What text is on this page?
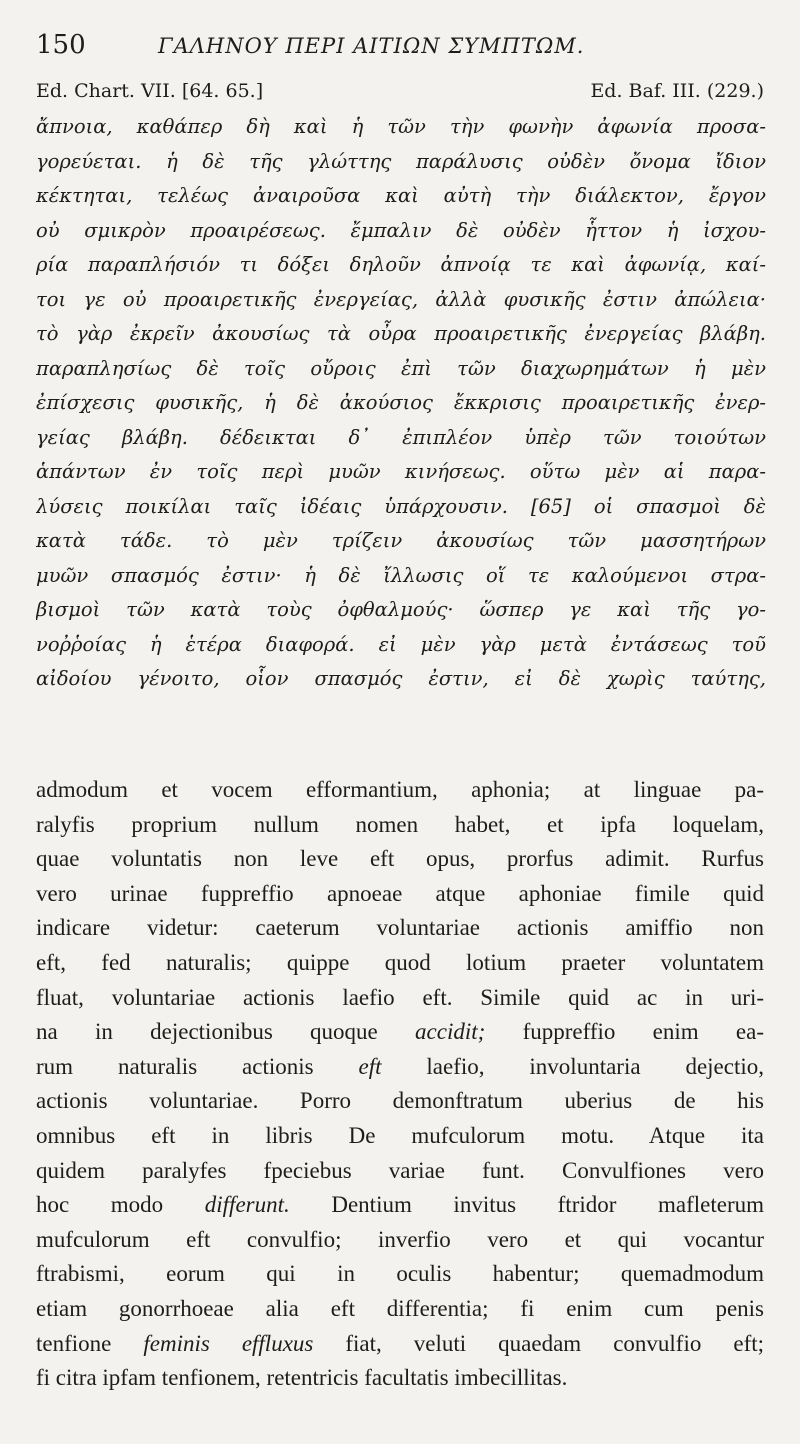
150	ΓΑΛΗΝΟΥ ΠΕΡΙ ΑΙΤΙΩΝ ΣΥΜΠΤΩΜ.
Ed. Chart. VII. [64. 65.]	Ed. Baf. III. (229.)
ἄπνοια, καθάπερ δὴ καὶ ἡ τῶν τὴν φωνὴν ἀφωνία προσα-
γορεύεται. ἡ δὲ τῆς γλώττης παράλυσις οὐδὲν ὄνομα ἴδιον
κέκτηται, τελέως ἀναιροῦσα καὶ αὐτὴ τὴν διάλεκτον, ἔργον
οὐ σμικρὸν προαιρέσεως. ἔμπαλιν δὲ οὐδὲν ἧττον ἡ ἰσχου-
ρία παραπλήσιόν τι δόξει δηλοῦν ἀπνοίᾳ τε καὶ ἀφωνίᾳ, καί-
τοι γε οὐ προαιρετικῆς ἐνεργείας, ἀλλὰ φυσικῆς ἐστιν ἀπώλεια·
τὸ γὰρ ἐκρεῖν ἀκουσίως τὰ οὖρα προαιρετικῆς ἐνεργείας βλάβη.
παραπλησίως δὲ τοῖς οὔροις ἐπὶ τῶν διαχωρημάτων ἡ μὲν
ἐπίσχεσις φυσικῆς, ἡ δὲ ἀκούσιος ἔκκρισις προαιρετικῆς ἐνερ-
γείας βλάβη. δέδεικται δ᾽ ἐπιπλέον ὑπὲρ τῶν τοιούτων
ἁπάντων ἐν τοῖς περὶ μυῶν κινήσεως. οὕτω μὲν αἱ παρα-
λύσεις ποικίλαι ταῖς ἰδέαις ὑπάρχουσιν. [65] οἱ σπασμοὶ δὲ
κατὰ τάδε. τὸ μὲν τρίζειν ἀκουσίως τῶν μασσητήρων
μυῶν σπασμός ἐστιν· ἡ δὲ ἴλλωσις οἵ τε καλούμενοι στρα-
βισμοὶ τῶν κατὰ τοὺς ὀφθαλμούς· ὥσπερ γε καὶ τῆς γο-
νοῤῥοίας ἡ ἑτέρα διαφορά. εἰ μὲν γὰρ μετὰ ἐντάσεως τοῦ
αἰδοίου γένοιτο, οἷον σπασμός ἐστιν, εἰ δὲ χωρὶς ταύτης,
admodum et vocem efformantium, aphonia; at linguae pa-
ralyfis proprium nullum nomen habet, et ipfa loquelam,
quae voluntatis non leve eft opus, prorfus adimit. Rurfus
vero urinae fuppreffio apnoeae atque aphoniae fimile quid
indicare videtur: caeterum voluntariae actionis amiffio non
eft, fed naturalis; quippe quod lotium praeter voluntatem
fluat, voluntariae actionis laefio eft. Simile quid ac in uri-
na in dejectionibus quoque accidit; fuppreffio enim ea-
rum naturalis actionis eft laefio, involuntaria dejectio,
actionis voluntariae. Porro demonftratum uberius de his
omnibus eft in libris De mufculorum motu. Atque ita
quidem paralyfes fpeciebus variae funt. Convulfiones vero
hoc modo differunt. Dentium invitus ftridor mafleterum
mufculorum eft convulfio; inverfio vero et qui vocantur
ftrabismi, eorum qui in oculis habentur; quemadmodum
etiam gonorrhoeae alia eft differentia; fi enim cum penis
tenfione feminis effluxus fiat, veluti quaedam convulfio eft;
fi citra ipfam tenfionem, retentricis facultatis imbecillitas.
